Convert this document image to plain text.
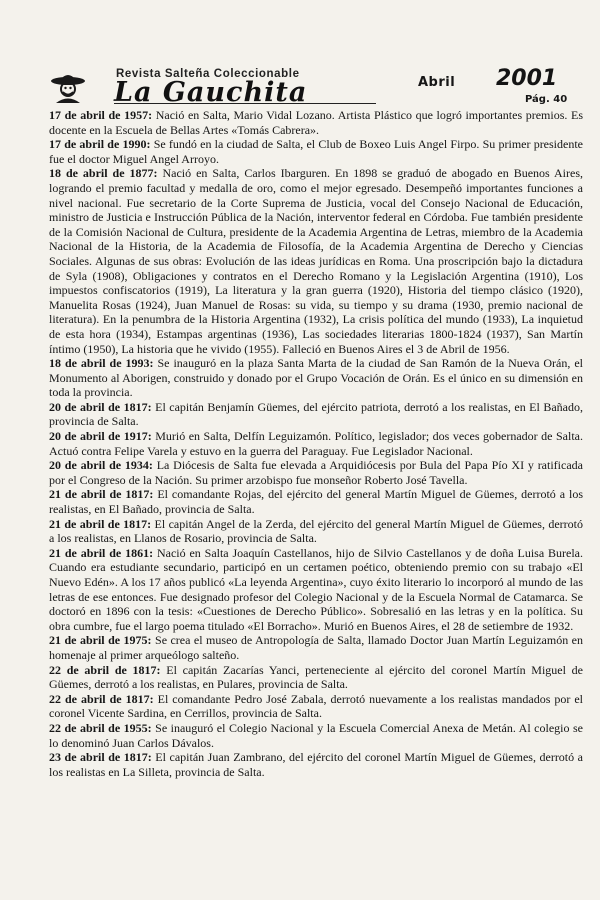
Revista Salteña Coleccionable
La Gauchita	Abril 2001
Pág. 40

17 de abril de 1957: Nació en Salta, Mario Vidal Lozano. Artista Plástico que logró importantes premios. Es docente en la Escuela de Bellas Artes «Tomás Cabrera».

17 de abril de 1990: Se fundó en la ciudad de Salta, el Club de Boxeo Luis Angel Firpo. Su primer presidente fue el doctor Miguel Angel Arroyo.

18 de abril de 1877: Nació en Salta, Carlos Ibarguren. En 1898 se graduó de abogado en Buenos Aires, logrando el premio facultad y medalla de oro, como el mejor egresado. Desempeñó importantes funciones a nivel nacional. Fue secretario de la Corte Suprema de Justicia, vocal del Consejo Nacional de Educación, ministro de Justicia e Instrucción Pública de la Nación, interventor federal en Córdoba. Fue también presidente de la Comisión Nacional de Cultura, presidente de la Academia Argentina de Letras, miembro de la Academia Nacional de la Historia, de la Academia de Filosofía, de la Academia Argentina de Derecho y Ciencias Sociales. Algunas de sus obras: Evolución de las ideas jurídicas en Roma. Una proscripción bajo la dictadura de Syla (1908), Obligaciones y contratos en el Derecho Romano y la Legislación Argentina (1910), Los impuestos confiscatorios (1919), La literatura y la gran guerra (1920), Historia del tiempo clásico (1920), Manuelita Rosas (1924), Juan Manuel de Rosas: su vida, su tiempo y su drama (1930, premio nacional de literatura). En la penumbra de la Historia Argentina (1932), La crisis política del mundo (1933), La inquietud de esta hora (1934), Estampas argentinas (1936), Las sociedades literarias 1800-1824 (1937), San Martín íntimo (1950), La historia que he vivido (1955). Falleció en Buenos Aires el 3 de Abril de 1956.

18 de abril de 1993: Se inauguró en la plaza Santa Marta de la ciudad de San Ramón de la Nueva Orán, el Monumento al Aborigen, construido y donado por el Grupo Vocación de Orán. Es el único en su dimensión en toda la provincia.

20 de abril de 1817: El capitán Benjamín Güemes, del ejército patriota, derrotó a los realistas, en El Bañado, provincia de Salta.

20 de abril de 1917: Murió en Salta, Delfín Leguizamón. Político, legislador; dos veces gobernador de Salta. Actuó contra Felipe Varela y estuvo en la guerra del Paraguay. Fue Legislador Nacional.

20 de abril de 1934: La Diócesis de Salta fue elevada a Arquidiócesis por Bula del Papa Pío XI y ratificada por el Congreso de la Nación. Su primer arzobispo fue monseñor Roberto José Tavella.

21 de abril de 1817: El comandante Rojas, del ejército del general Martín Miguel de Güemes, derrotó a los realistas, en El Bañado, provincia de Salta.

21 de abril de 1817: El capitán Angel de la Zerda, del ejército del general Martín Miguel de Güemes, derrotó a los realistas, en Llanos de Rosario, provincia de Salta.

21 de abril de 1861: Nació en Salta Joaquín Castellanos, hijo de Silvio Castellanos y de doña Luisa Burela. Cuando era estudiante secundario, participó en un certamen poético, obteniendo premio con su trabajo «El Nuevo Edén». A los 17 años publicó «La leyenda Argentina», cuyo éxito literario lo incorporó al mundo de las letras de ese entonces. Fue designado profesor del Colegio Nacional y de la Escuela Normal de Catamarca. Se doctoró en 1896 con la tesis: «Cuestiones de Derecho Público». Sobresalió en las letras y en la política. Su obra cumbre, fue el largo poema titulado «El Borracho». Murió en Buenos Aires, el 28 de setiembre de 1932.

21 de abril de 1975: Se crea el museo de Antropología de Salta, llamado Doctor Juan Martín Leguizamón en homenaje al primer arqueólogo salteño.

22 de abril de 1817: El capitán Zacarías Yanci, perteneciente al ejército del coronel Martín Miguel de Güemes, derrotó a los realistas, en Pulares, provincia de Salta.

22 de abril de 1817: El comandante Pedro José Zabala, derrotó nuevamente a los realistas mandados por el coronel Vicente Sardina, en Cerrillos, provincia de Salta.

22 de abril de 1955: Se inauguró el Colegio Nacional y la Escuela Comercial Anexa de Metán. Al colegio se lo denominó Juan Carlos Dávalos.

23 de abril de 1817: El capitán Juan Zambrano, del ejército del coronel Martín Miguel de Güemes, derrotó a los realistas en La Silleta, provincia de Salta.
